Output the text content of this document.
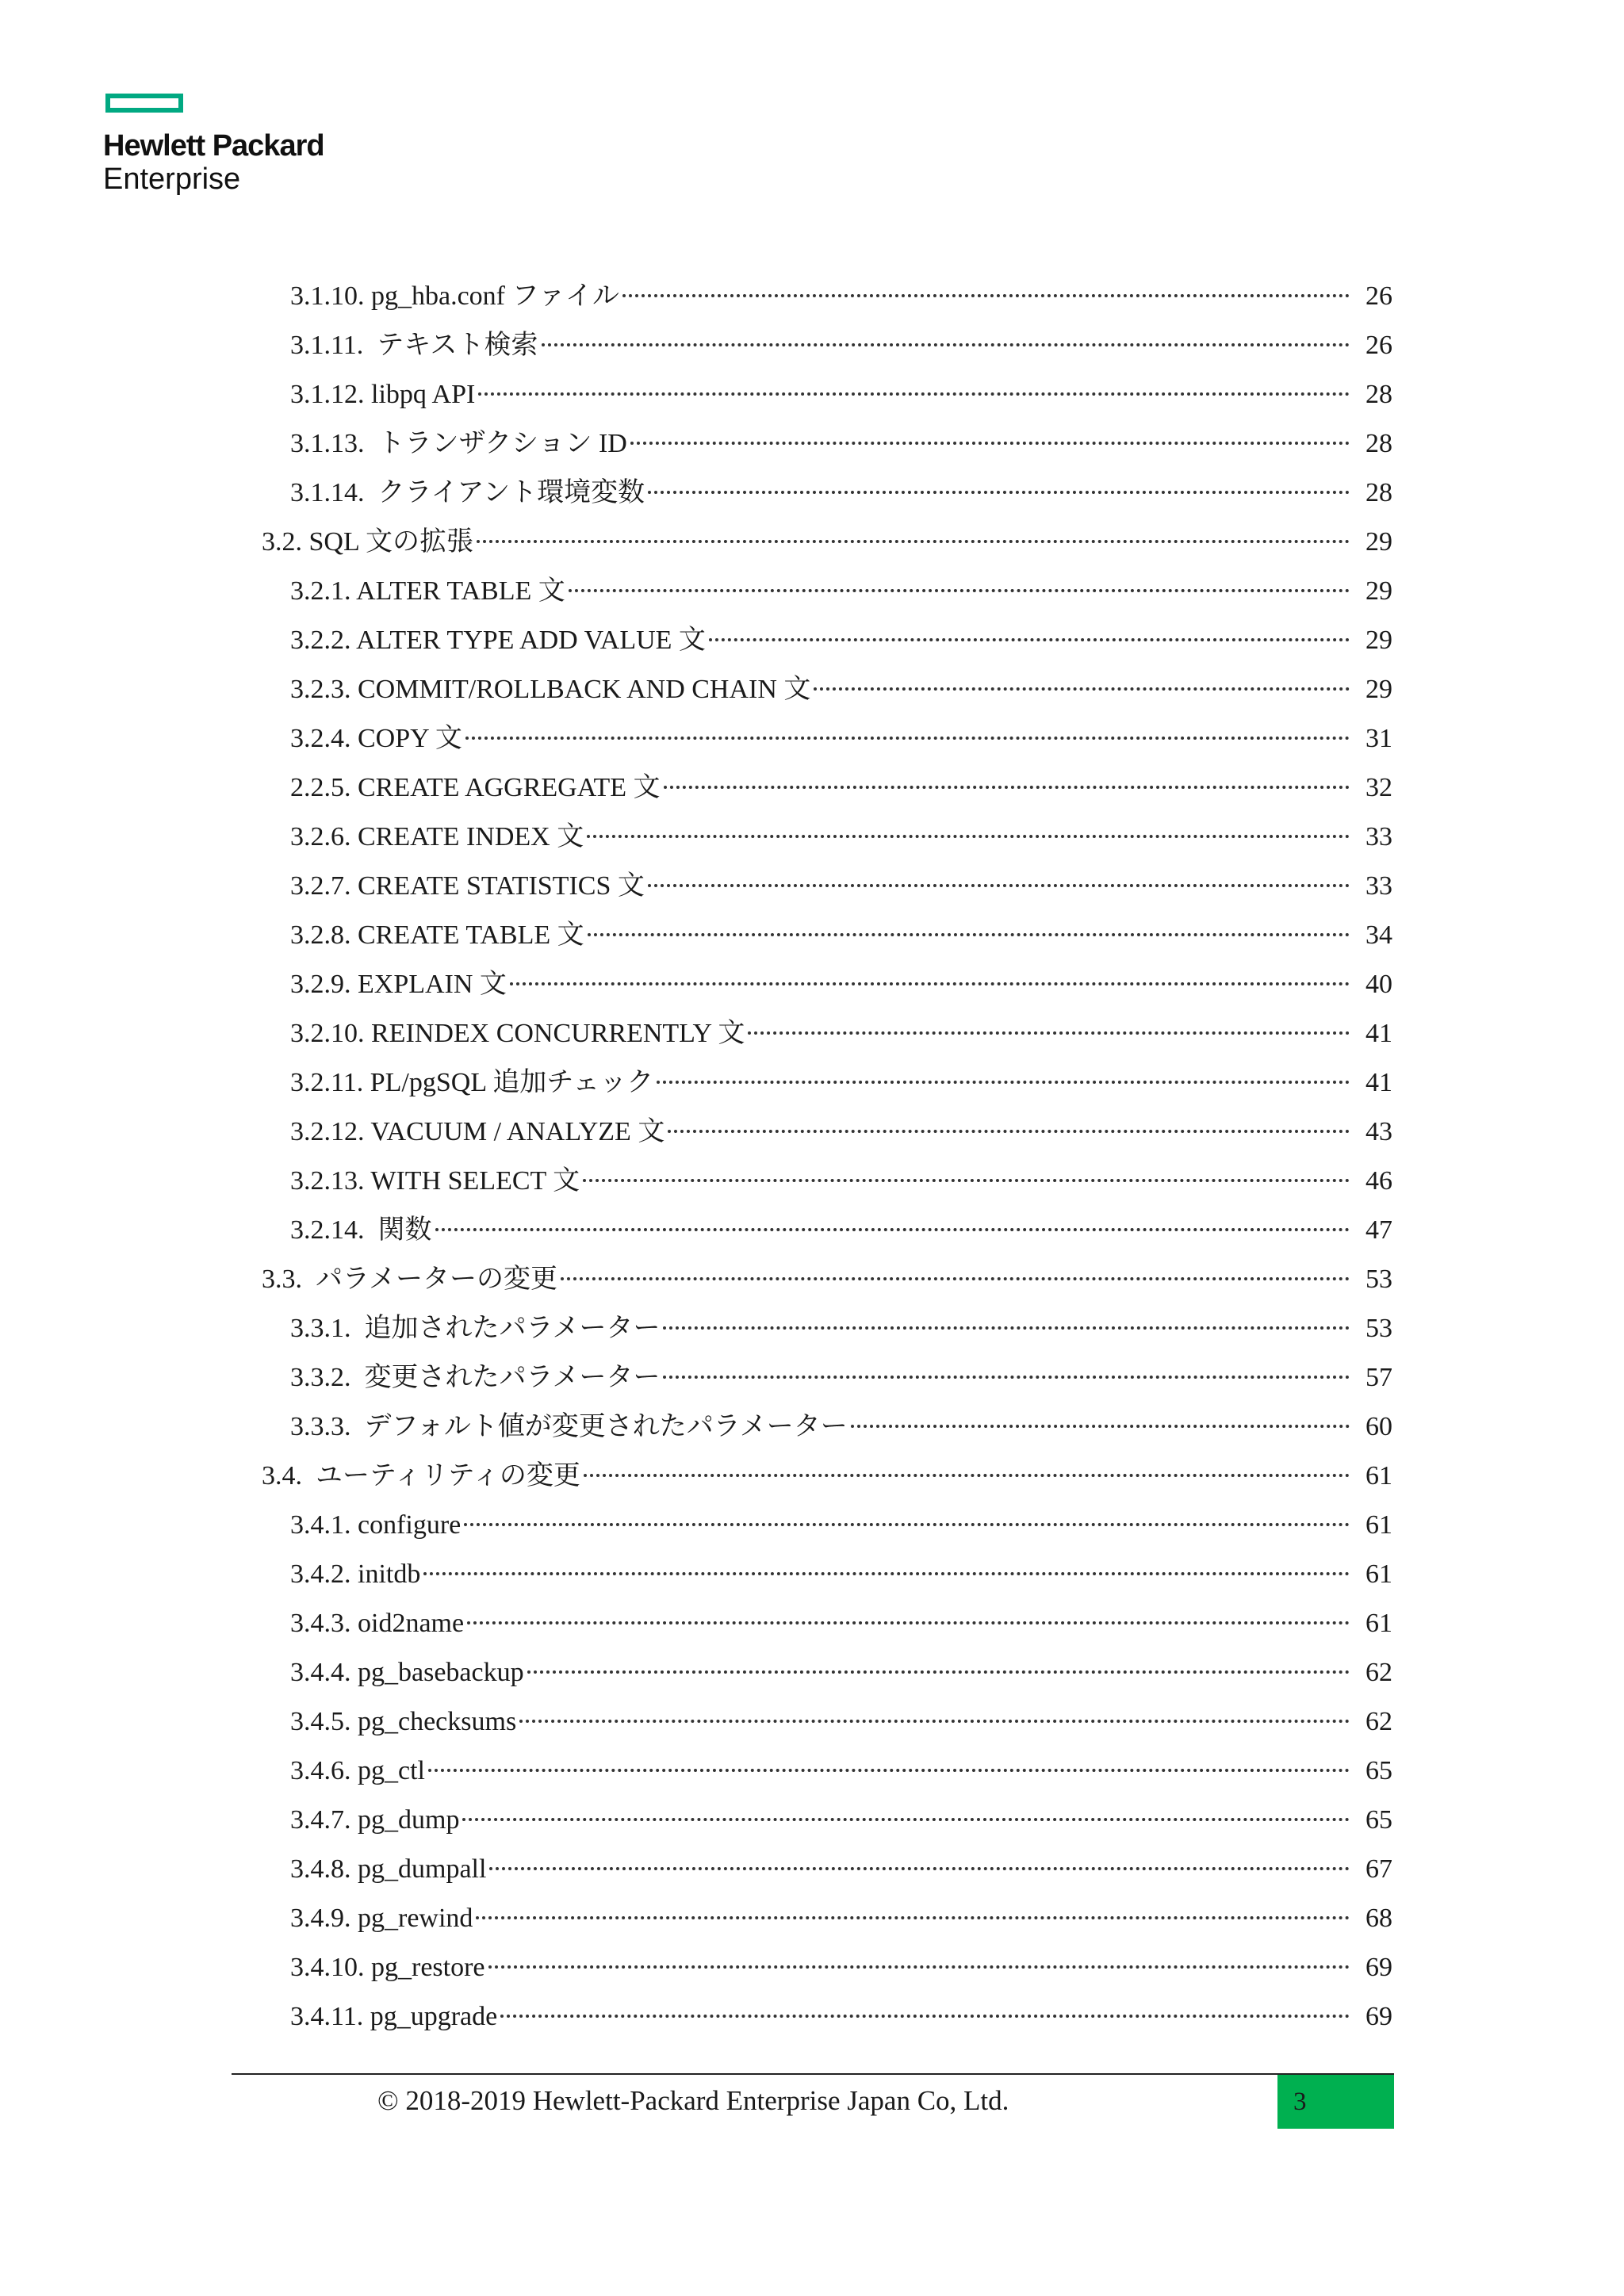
Hewlett Packard
Enterprise
3.1.10. pg_hba.conf ファイル	26
3.1.11.  テキスト検索	26
3.1.12. libpq API	28
3.1.13.  トランザクション ID	28
3.1.14.  クライアント環境変数	28
3.2. SQL 文の拡張	29
3.2.1. ALTER TABLE 文	29
3.2.2. ALTER TYPE ADD VALUE 文	29
3.2.3. COMMIT/ROLLBACK AND CHAIN 文	29
3.2.4. COPY 文	31
2.2.5. CREATE AGGREGATE 文	32
3.2.6. CREATE INDEX 文	33
3.2.7. CREATE STATISTICS 文	33
3.2.8. CREATE TABLE 文	34
3.2.9. EXPLAIN 文	40
3.2.10. REINDEX CONCURRENTLY 文	41
3.2.11. PL/pgSQL 追加チェック	41
3.2.12. VACUUM / ANALYZE 文	43
3.2.13. WITH SELECT 文	46
3.2.14.  関数	47
3.3.  パラメーターの変更	53
3.3.1.  追加されたパラメーター	53
3.3.2.  変更されたパラメーター	57
3.3.3.  デフォルト値が変更されたパラメーター	60
3.4.  ユーティリティの変更	61
3.4.1. configure	61
3.4.2. initdb	61
3.4.3. oid2name	61
3.4.4. pg_basebackup	62
3.4.5. pg_checksums	62
3.4.6. pg_ctl	65
3.4.7. pg_dump	65
3.4.8. pg_dumpall	67
3.4.9. pg_rewind	68
3.4.10. pg_restore	69
3.4.11. pg_upgrade	69
© 2018-2019 Hewlett-Packard Enterprise Japan Co, Ltd.	3
